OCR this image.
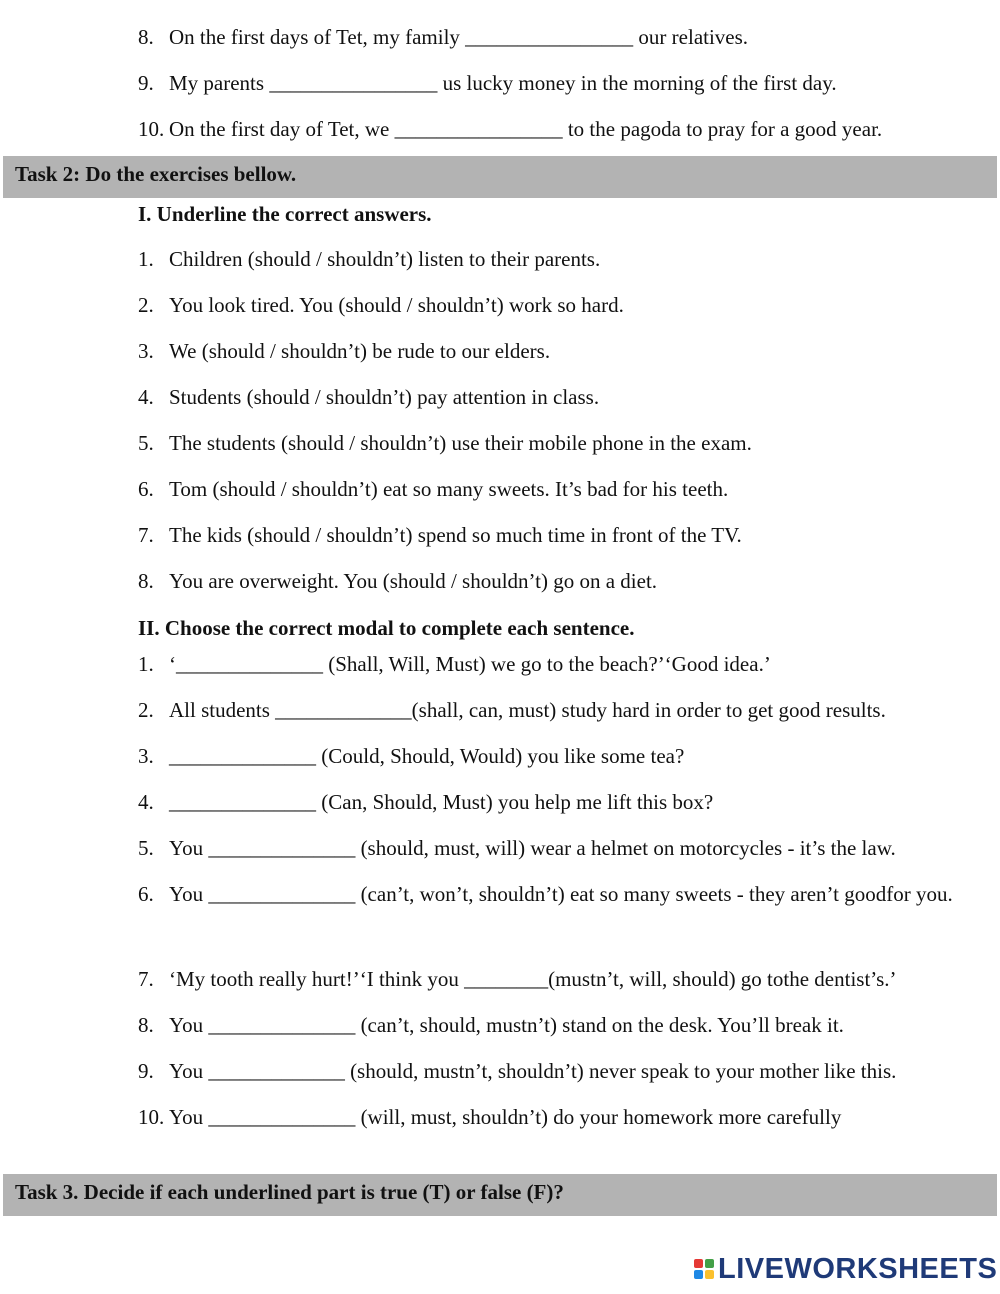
8. On the first days of Tet, my family ________________ our relatives.
9. My parents ________________ us lucky money in the morning of the first day.
10. On the first day of Tet, we ________________ to the pagoda to pray for a good year.
Task 2: Do the exercises bellow.
I. Underline the correct answers.
1. Children (should / shouldn’t) listen to their parents.
2. You look tired. You (should / shouldn’t) work so hard.
3. We (should / shouldn’t) be rude to our elders.
4. Students (should / shouldn’t) pay attention in class.
5. The students (should / shouldn’t) use their mobile phone in the exam.
6. Tom (should / shouldn’t) eat so many sweets. It’s bad for his teeth.
7. The kids (should / shouldn’t) spend so much time in front of the TV.
8. You are overweight. You (should / shouldn’t) go on a diet.
II. Choose the correct modal to complete each sentence.
1. ‘______________ (Shall, Will, Must) we go to the beach?’‘Good idea.’
2. All students _____________(shall, can, must) study hard in order to get good results.
3. ______________ (Could, Should, Would) you like some tea?
4. ______________ (Can, Should, Must) you help me lift this box?
5. You ______________ (should, must, will) wear a helmet on motorcycles - it’s the law.
6. You ______________ (can’t, won’t, shouldn’t) eat so many sweets - they aren’t goodfor you.
7. ‘My tooth really hurt!’‘I think you ________(mustn’t, will, should) go tothe dentist’s.’
8. You ______________ (can’t, should, mustn’t) stand on the desk. You’ll break it.
9. You _____________ (should, mustn’t, shouldn’t) never speak to your mother like this.
10. You ______________ (will, must, shouldn’t) do your homework more carefully
Task 3. Decide if each underlined part is true (T) or false (F)?
LIVEWORKSHEETS
